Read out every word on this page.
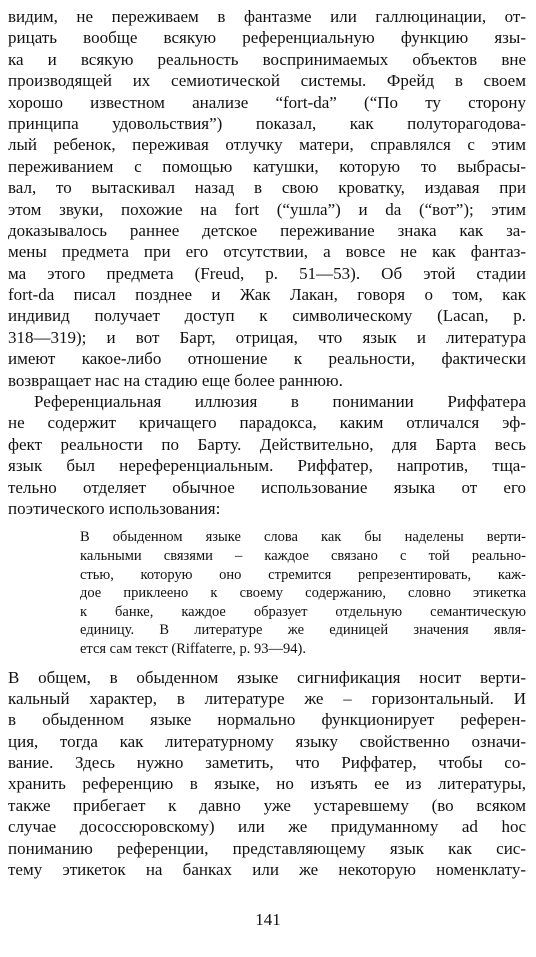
видим, не переживаем в фантазме или галлюцинации, от-
рицать вообще всякую референциальную функцию язы-
ка и всякую реальность воспринимаемых объектов вне
производящей их семиотической системы. Фрейд в своем
хорошо известном анализе “fort-da” (“По ту сторону
принципа удовольствия”) показал, как полуторагодова-
лый ребенок, переживая отлучку матери, справлялся с этим
переживанием с помощью катушки, которую то выбрасы-
вал, то вытаскивал назад в свою кроватку, издавая при
этом звуки, похожие на fort (“ушла”) и da (“вот”); этим
доказывалось раннее детское переживание знака как за-
мены предмета при его отсутствии, а вовсе не как фантаз-
ма этого предмета (Freud, p. 51—53). Об этой стадии
fort-da писал позднее и Жак Лакан, говоря о том, как
индивид получает доступ к символическому (Lacan, p.
318—319); и вот Барт, отрицая, что язык и литература
имеют какое-либо отношение к реальности, фактически
возвращает нас на стадию еще более раннюю.
Референциальная иллюзия в понимании Риффатера
не содержит кричащего парадокса, каким отличался эф-
фект реальности по Барту. Действительно, для Барта весь
язык был нереференциальным. Риффатер, напротив, тща-
тельно отделяет обычное использование языка от его
поэтического использования:
В обыденном языке слова как бы наделены верти-
кальными связями – каждое связано с той реально-
стью, которую оно стремится репрезентировать, каж-
дое приклеено к своему содержанию, словно этикетка
к банке, каждое образует отдельную семантическую
единицу. В литературе же единицей значения явля-
ется сам текст (Riffaterre, p. 93—94).
В общем, в обыденном языке сигнификация носит верти-
кальный характер, в литературе же – горизонтальный. И
в обыденном языке нормально функционирует референ-
ция, тогда как литературному языку свойственно означи-
вание. Здесь нужно заметить, что Риффатер, чтобы со-
хранить референцию в языке, но изъять ее из литературы,
также прибегает к давно уже устаревшему (во всяком
случае дососсюровскому) или же придуманному ad hoc
пониманию референции, представляющему язык как сис-
тему этикеток на банках или же некоторую номенклату-
141
